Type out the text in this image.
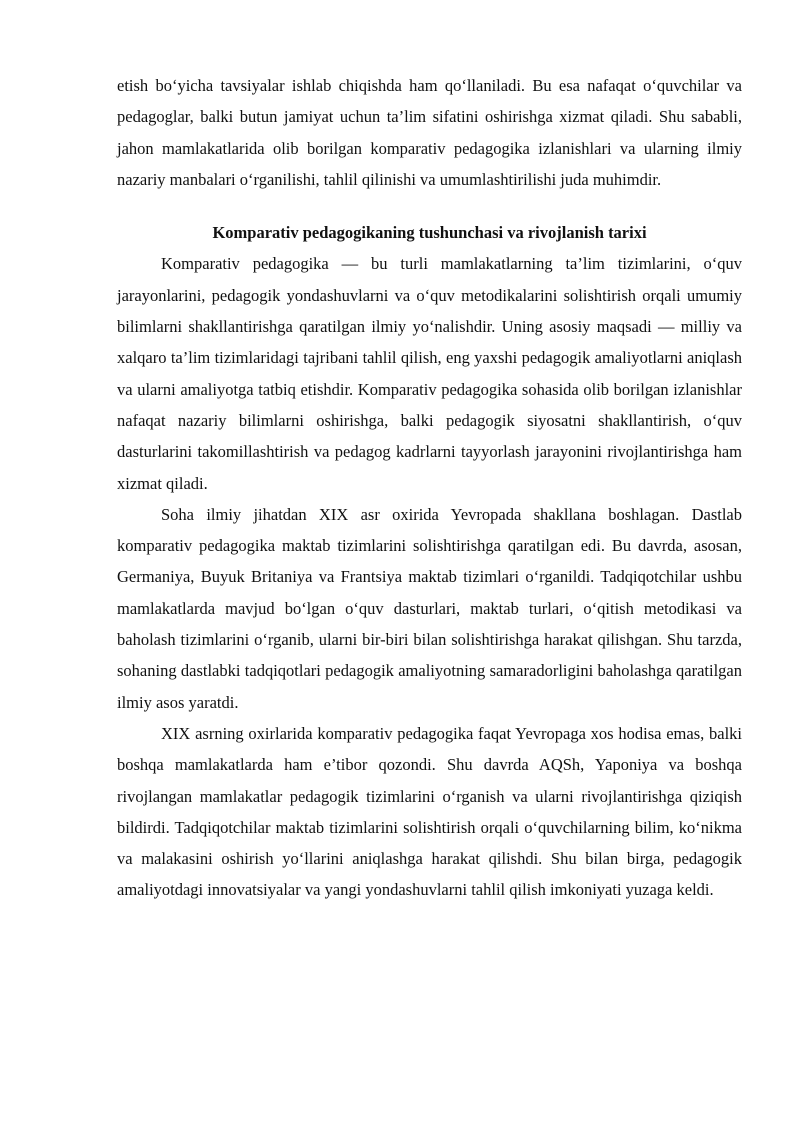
etish bo‘yicha tavsiyalar ishlab chiqishda ham qo‘llaniladi. Bu esa nafaqat o‘quvchilar va pedagoglar, balki butun jamiyat uchun ta’lim sifatini oshirishga xizmat qiladi. Shu sababli, jahon mamlakatlarida olib borilgan komparativ pedagogika izlanishlari va ularning ilmiy nazariy manbalari o‘rganilishi, tahlil qilinishi va umumlashtirilishi juda muhimdir.

Komparativ pedagogikaning tushunchasi va rivojlanish tarixi

Komparativ pedagogika — bu turli mamlakatlarning ta’lim tizimlarini, o‘quv jarayonlarini, pedagogik yondashuvlarni va o‘quv metodikalarini solishtirish orqali umumiy bilimlarni shakllantirishga qaratilgan ilmiy yo‘nalishdir. Uning asosiy maqsadi — milliy va xalqaro ta’lim tizimlaridagi tajribani tahlil qilish, eng yaxshi pedagogik amaliyotlarni aniqlash va ularni amaliyotga tatbiq etishdir. Komparativ pedagogika sohasida olib borilgan izlanishlar nafaqat nazariy bilimlarni oshirishga, balki pedagogik siyosatni shakllantirish, o‘quv dasturlarini takomillashtirish va pedagog kadrlarni tayyorlash jarayonini rivojlantirishga ham xizmat qiladi.

Soha ilmiy jihatdan XIX asr oxirida Yevropada shakllana boshlagan. Dastlab komparativ pedagogika maktab tizimlarini solishtirishga qaratilgan edi. Bu davrda, asosan, Germaniya, Buyuk Britaniya va Frantsiya maktab tizimlari o‘rganildi. Tadqiqotchilar ushbu mamlakatlarda mavjud bo‘lgan o‘quv dasturlari, maktab turlari, o‘qitish metodikasi va baholash tizimlarini o‘rganib, ularni bir-biri bilan solishtirishga harakat qilishgan. Shu tarzda, sohaning dastlabki tadqiqotlari pedagogik amaliyotning samaradorligini baholashga qaratilgan ilmiy asos yaratdi.

XIX asrning oxirlarida komparativ pedagogika faqat Yevropaga xos hodisa emas, balki boshqa mamlakatlarda ham e’tibor qozondi. Shu davrda AQSh, Yaponiya va boshqa rivojlangan mamlakatlar pedagogik tizimlarini o‘rganish va ularni rivojlantirishga qiziqish bildirdi. Tadqiqotchilar maktab tizimlarini solishtirish orqali o‘quvchilarning bilim, ko‘nikma va malakasini oshirish yo‘llarini aniqlashga harakat qilishdi. Shu bilan birga, pedagogik amaliyotdagi innovatsiyalar va yangi yondashuvlarni tahlil qilish imkoniyati yuzaga keldi.
